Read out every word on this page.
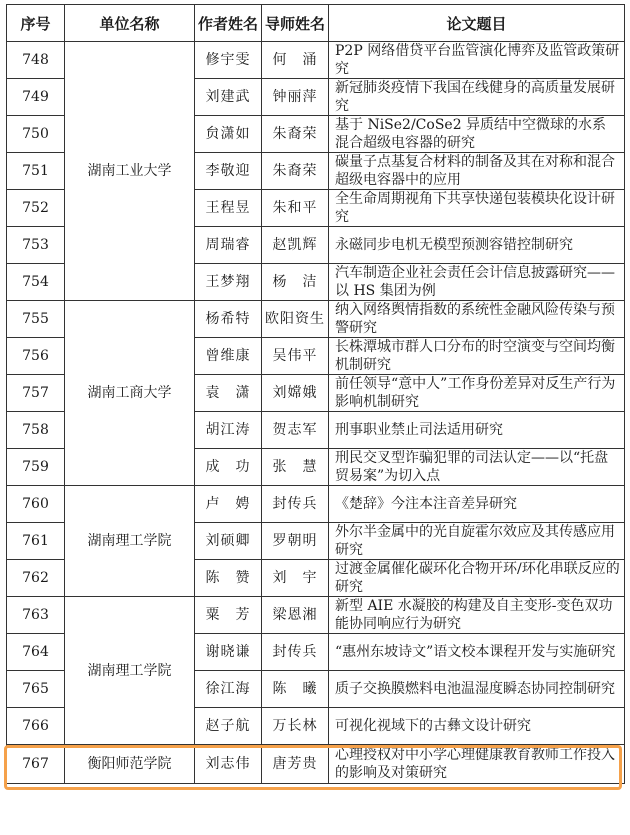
序号	单位名称	作者姓名	导师姓名	论文题目
748	湖南工业大学	修宇雯	何　涌	P2P 网络借贷平台监管演化博弈及监管政策研究
749		刘建武	钟丽萍	新冠肺炎疫情下我国在线健身的高质量发展研究
750		贠潇如	朱裔荣	基于 NiSe2/CoSe2 异质结中空微球的水系混合超级电容器的研究
751		李敬迎	朱裔荣	碳量子点基复合材料的制备及其在对称和混合超级电容器中的应用
752		王程昱	朱和平	全生命周期视角下共享快递包装模块化设计研究
753		周瑞睿	赵凯辉	永磁同步电机无模型预测容错控制研究
754		王梦翔	杨　洁	汽车制造企业社会责任会计信息披露研究——以 HS 集团为例
755	湖南工商大学	杨希特	欧阳资生	纳入网络舆情指数的系统性金融风险传染与预警研究
756		曾维康	吴伟平	长株潭城市群人口分布的时空演变与空间均衡机制研究
757		袁　潇	刘嫦娥	前任领导“意中人”工作身份差异对反生产行为影响机制研究
758		胡江涛	贺志军	刑事职业禁止司法适用研究
759		成　功	张　慧	刑民交叉型诈骗犯罪的司法认定——以“托盘贸易案”为切入点
760	湖南理工学院	卢　娉	封传兵	《楚辞》今注本注音差异研究
761		刘硕卿	罗朝明	外尔半金属中的光自旋霍尔效应及其传感应用研究
762		陈　赞	刘　宇	过渡金属催化碳环化合物开环/环化串联反应的研究
763	湖南理工学院	粟　芳	梁恩湘	新型 AIE 水凝胶的构建及自主变形-变色双功能协同响应行为研究
764		谢晓谦	封传兵	“惠州东坡诗文”语文校本课程开发与实施研究
765		徐江海	陈　曦	质子交换膜燃料电池温湿度瞬态协同控制研究
766		赵子航	万长林	可视化视域下的古彝文设计研究
767	衡阳师范学院	刘志伟	唐芳贵	心理授权对中小学心理健康教育教师工作投入的影响及对策研究
